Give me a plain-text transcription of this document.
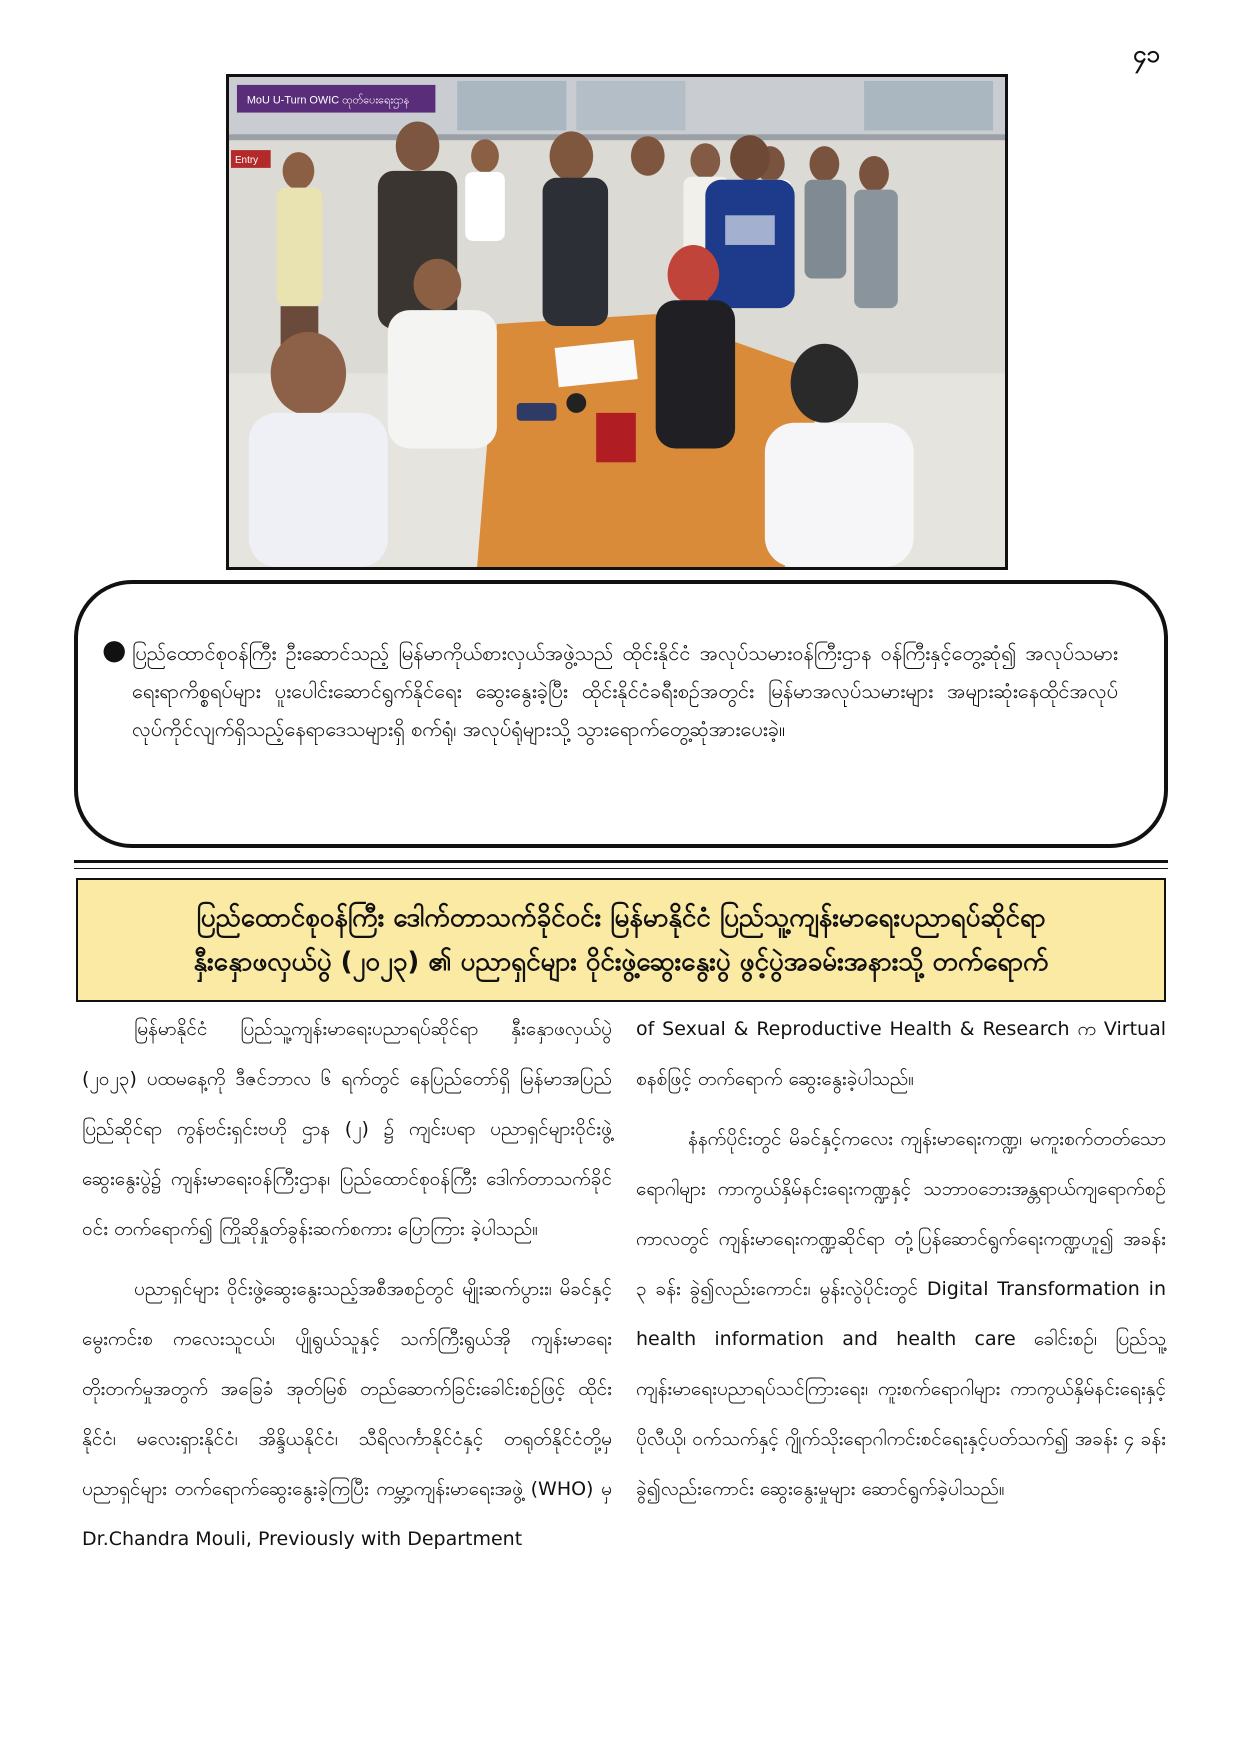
၄၁
MoU U-Turn OWIC ထုတ်ပေးရေးဌာန
Entry
● ပြည်ထောင်စုဝန်ကြီး ဦးဆောင်သည့် မြန်မာကိုယ်စားလှယ်အဖွဲ့သည် ထိုင်းနိုင်ငံ အလုပ်သမားဝန်ကြီးဌာန ဝန်ကြီးနှင့်တွေ့ဆုံ၍ အလုပ်သမားရေးရာကိစ္စရပ်များ ပူးပေါင်းဆောင်ရွက်နိုင်ရေး ဆွေးနွေးခဲ့ပြီး ထိုင်းနိုင်ငံခရီးစဉ်အတွင်း မြန်မာအလုပ်သမားများ အများဆုံးနေထိုင်အလုပ်လုပ်ကိုင်လျက်ရှိသည့်နေရာဒေသများရှိ စက်ရုံ၊ အလုပ်ရုံများသို့ သွားရောက်တွေ့ဆုံအားပေးခဲ့။
ပြည်ထောင်စုဝန်ကြီး ဒေါက်တာသက်ခိုင်ဝင်း မြန်မာနိုင်ငံ ပြည်သူ့ကျန်းမာရေးပညာရပ်ဆိုင်ရာ
နှီးနှောဖလှယ်ပွဲ (၂၀၂၃) ၏ ပညာရှင်များ ဝိုင်းဖွဲ့ဆွေးနွေးပွဲ ဖွင့်ပွဲအခမ်းအနားသို့ တက်ရောက်

မြန်မာနိုင်ငံ ပြည်သူ့ကျန်းမာရေးပညာရပ်ဆိုင်ရာ နှီးနှောဖလှယ်ပွဲ (၂၀၂၃) ပထမနေ့ကို ဒီဇင်ဘာလ ၆ ရက်တွင် နေပြည်တော်ရှိ မြန်မာအပြည်ပြည်ဆိုင်ရာ ကွန်ဗင်းရှင်းဗဟို ဌာန (၂) ၌ ကျင်းပရာ ပညာရှင်များဝိုင်းဖွဲ့ဆွေးနွေးပွဲ၌ ကျန်းမာရေးဝန်ကြီးဌာန၊ ပြည်ထောင်စုဝန်ကြီး ဒေါက်တာသက်ခိုင်ဝင်း တက်ရောက်၍ ကြိုဆိုနှုတ်ခွန်းဆက်စကား ပြောကြား ခဲ့ပါသည်။

ပညာရှင်များ ဝိုင်းဖွဲ့ဆွေးနွေးသည့်အစီအစဉ်တွင် မျိုးဆက်ပွားး၊ မိခင်နှင့် မွေးကင်းစ ကလေးသူငယ်၊ ပျိုရွယ်သူနှင့် သက်ကြီးရွယ်အို ကျန်းမာရေးတိုးတက်မှုအတွက် အခြေခံ အုတ်မြစ် တည်ဆောက်ခြင်းခေါင်းစဉ်ဖြင့် ထိုင်းနိုင်ငံ၊ မလေးရှားနိုင်ငံ၊ အိန္ဒိယနိုင်ငံ၊ သီရိလင်္ကာနိုင်ငံနှင့် တရုတ်နိုင်ငံတို့မှ ပညာရှင်များ တက်ရောက်ဆွေးနွေးခဲ့ကြပြီး ကမ္ဘာ့ကျန်းမာရေးအဖွဲ့ (WHO) မှ Dr.Chandra Mouli, Previously with Department

of Sexual & Reproductive Health & Research က Virtual စနစ်ဖြင့် တက်ရောက် ဆွေးနွေးခဲ့ပါသည်။

နံနက်ပိုင်းတွင် မိခင်နှင့်ကလေး ကျန်းမာရေးကဏ္ဍ၊ မကူးစက်တတ်သောရောဂါများ ကာကွယ်နှိမ်နင်းရေးကဏ္ဍနှင့် သဘာဝဘေးအန္တရာယ်ကျရောက်စဉ်ကာလတွင် ကျန်းမာရေးကဏ္ဍဆိုင်ရာ တုံ့ပြန်ဆောင်ရွက်ရေးကဏ္ဍဟူ၍ အခန်း ၃ ခန်း ခွဲ၍လည်းကောင်း၊ မွန်းလွဲပိုင်းတွင် Digital Transformation in health information and health care ခေါင်းစဉ်၊ ပြည်သူ့ကျန်းမာရေးပညာရပ်သင်ကြားရေး၊ ကူးစက်ရောဂါများ ကာကွယ်နှိမ်နင်းရေးနှင့် ပိုလီယို၊ ဝက်သက်နှင့် ဂျိုက်သိုးရောဂါကင်းစင်ရေးနှင့်ပတ်သက်၍ အခန်း ၄ ခန်းခွဲ၍လည်းကောင်း ဆွေးနွေးမှုများ ဆောင်ရွက်ခဲ့ပါသည်။
